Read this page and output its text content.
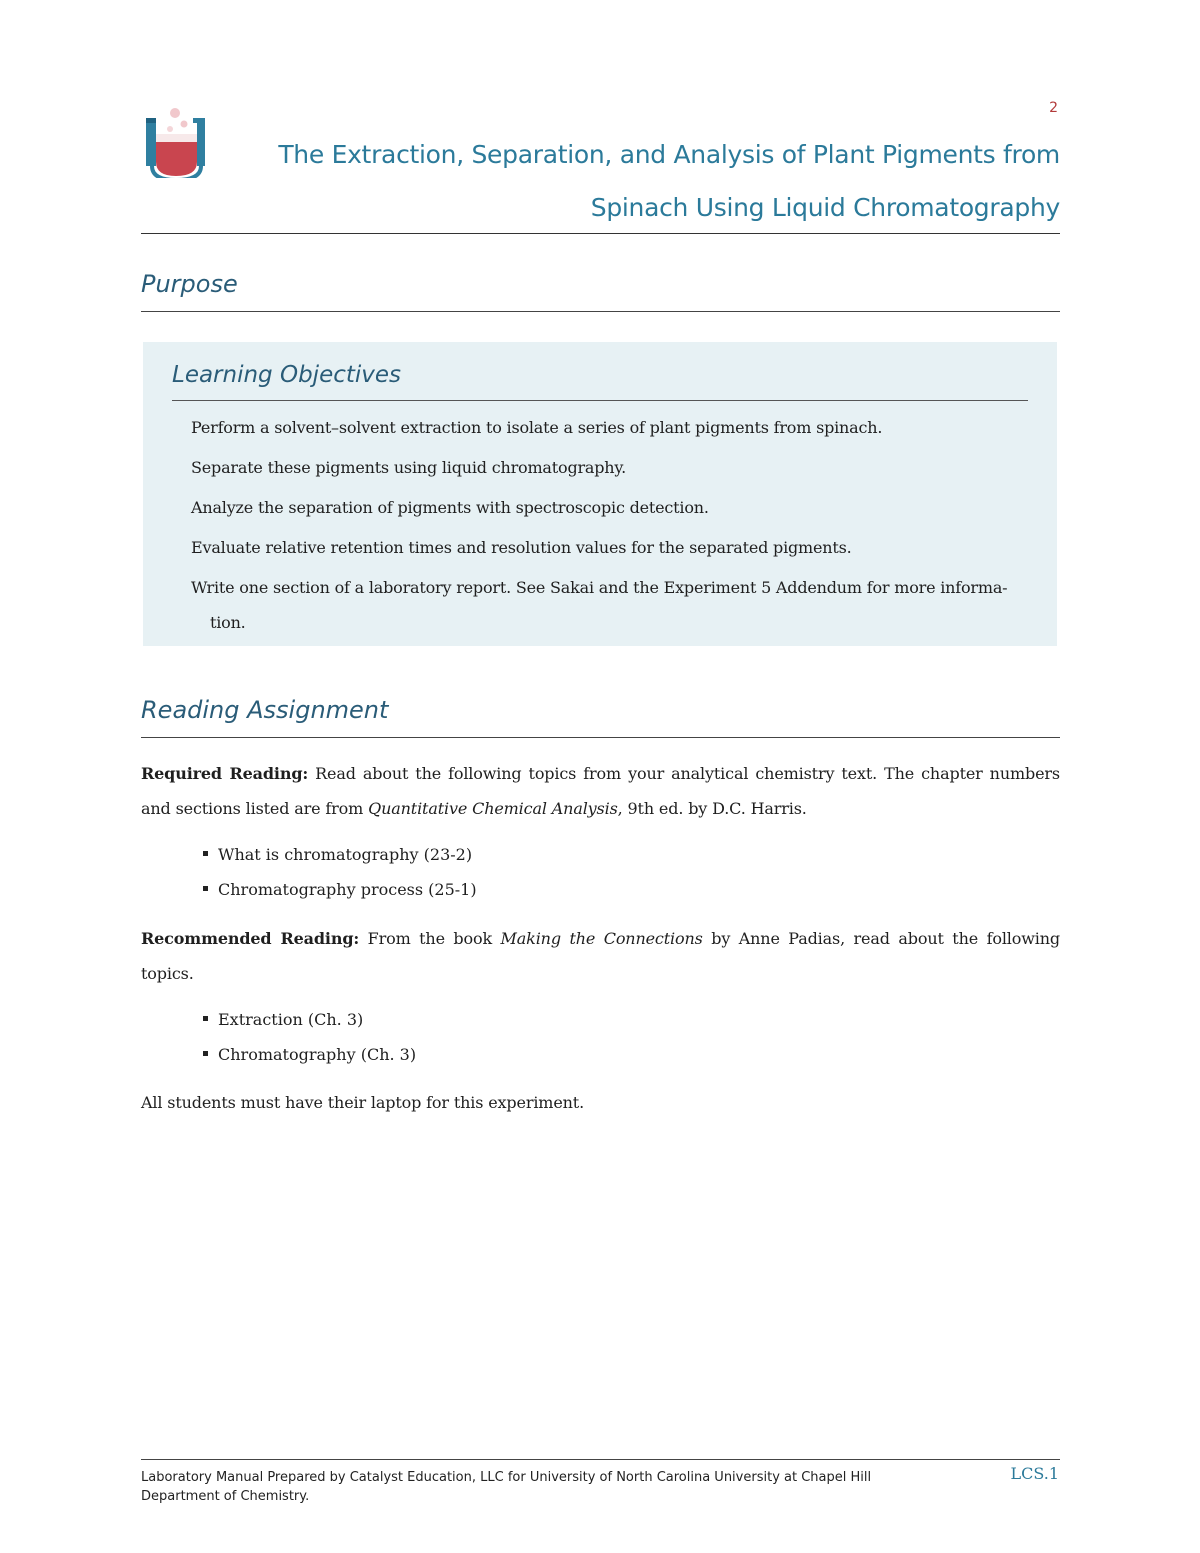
2
The Extraction, Separation, and Analysis of Plant Pigments from
Spinach Using Liquid Chromatography
Purpose
Learning Objectives
Perform a solvent–solvent extraction to isolate a series of plant pigments from spinach.
Separate these pigments using liquid chromatography.
Analyze the separation of pigments with spectroscopic detection.
Evaluate relative retention times and resolution values for the separated pigments.
Write one section of a laboratory report. See Sakai and the Experiment 5 Addendum for more informa-
tion.
Reading Assignment
Required Reading: Read about the following topics from your analytical chemistry text. The chapter numbers and sections listed are from Quantitative Chemical Analysis, 9th ed. by D.C. Harris.
What is chromatography (23-2)
Chromatography process (25-1)
Recommended Reading: From the book Making the Connections by Anne Padias, read about the following topics.
Extraction (Ch. 3)
Chromatography (Ch. 3)
All students must have their laptop for this experiment.
Laboratory Manual Prepared by Catalyst Education, LLC for University of North Carolina University at Chapel Hill
Department of Chemistry.
LCS.1
